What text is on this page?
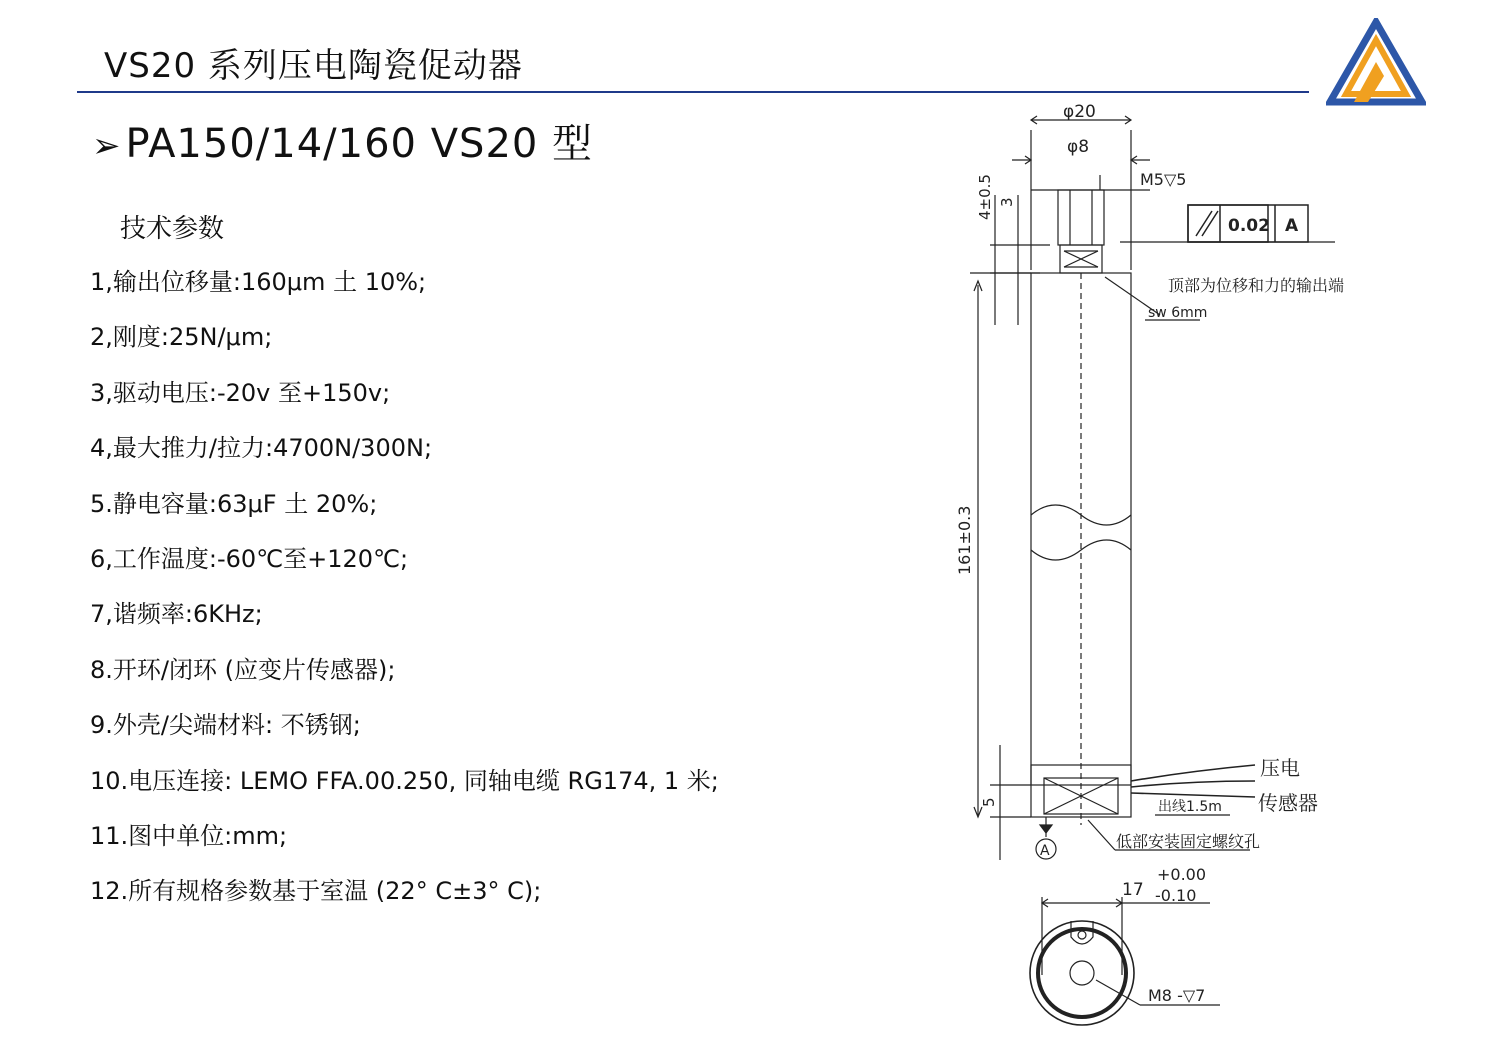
VS20 系列压电陶瓷促动器
➢ PA150/14/160 VS20 型
技术参数
1,输出位移量:160μm 土 10%;
2,刚度:25N/μm;
3,驱动电压:-20v 至+150v;
4,最大推力/拉力:4700N/300N;
5.静电容量:63μF 土 20%;
6,工作温度:-60℃至+120℃;
7,谐频率:6KHz;
8.开环/闭环 (应变片传感器);
9.外壳/尖端材料: 不锈钢;
10.电压连接: LEMO FFA.00.250, 同轴电缆 RG174, 1 米;
11.图中单位:mm;
12.所有规格参数基于室温 (22° C±3° C);
φ20
φ8
M5▽5
0.02 A
4±0.5 3
顶部为位移和力的输出端
sw 6mm
161±0.3
5
压电
传感器
出线1.5m
低部安装固定螺纹孔
A
17
+0.00
-0.10
M8 -▽7
